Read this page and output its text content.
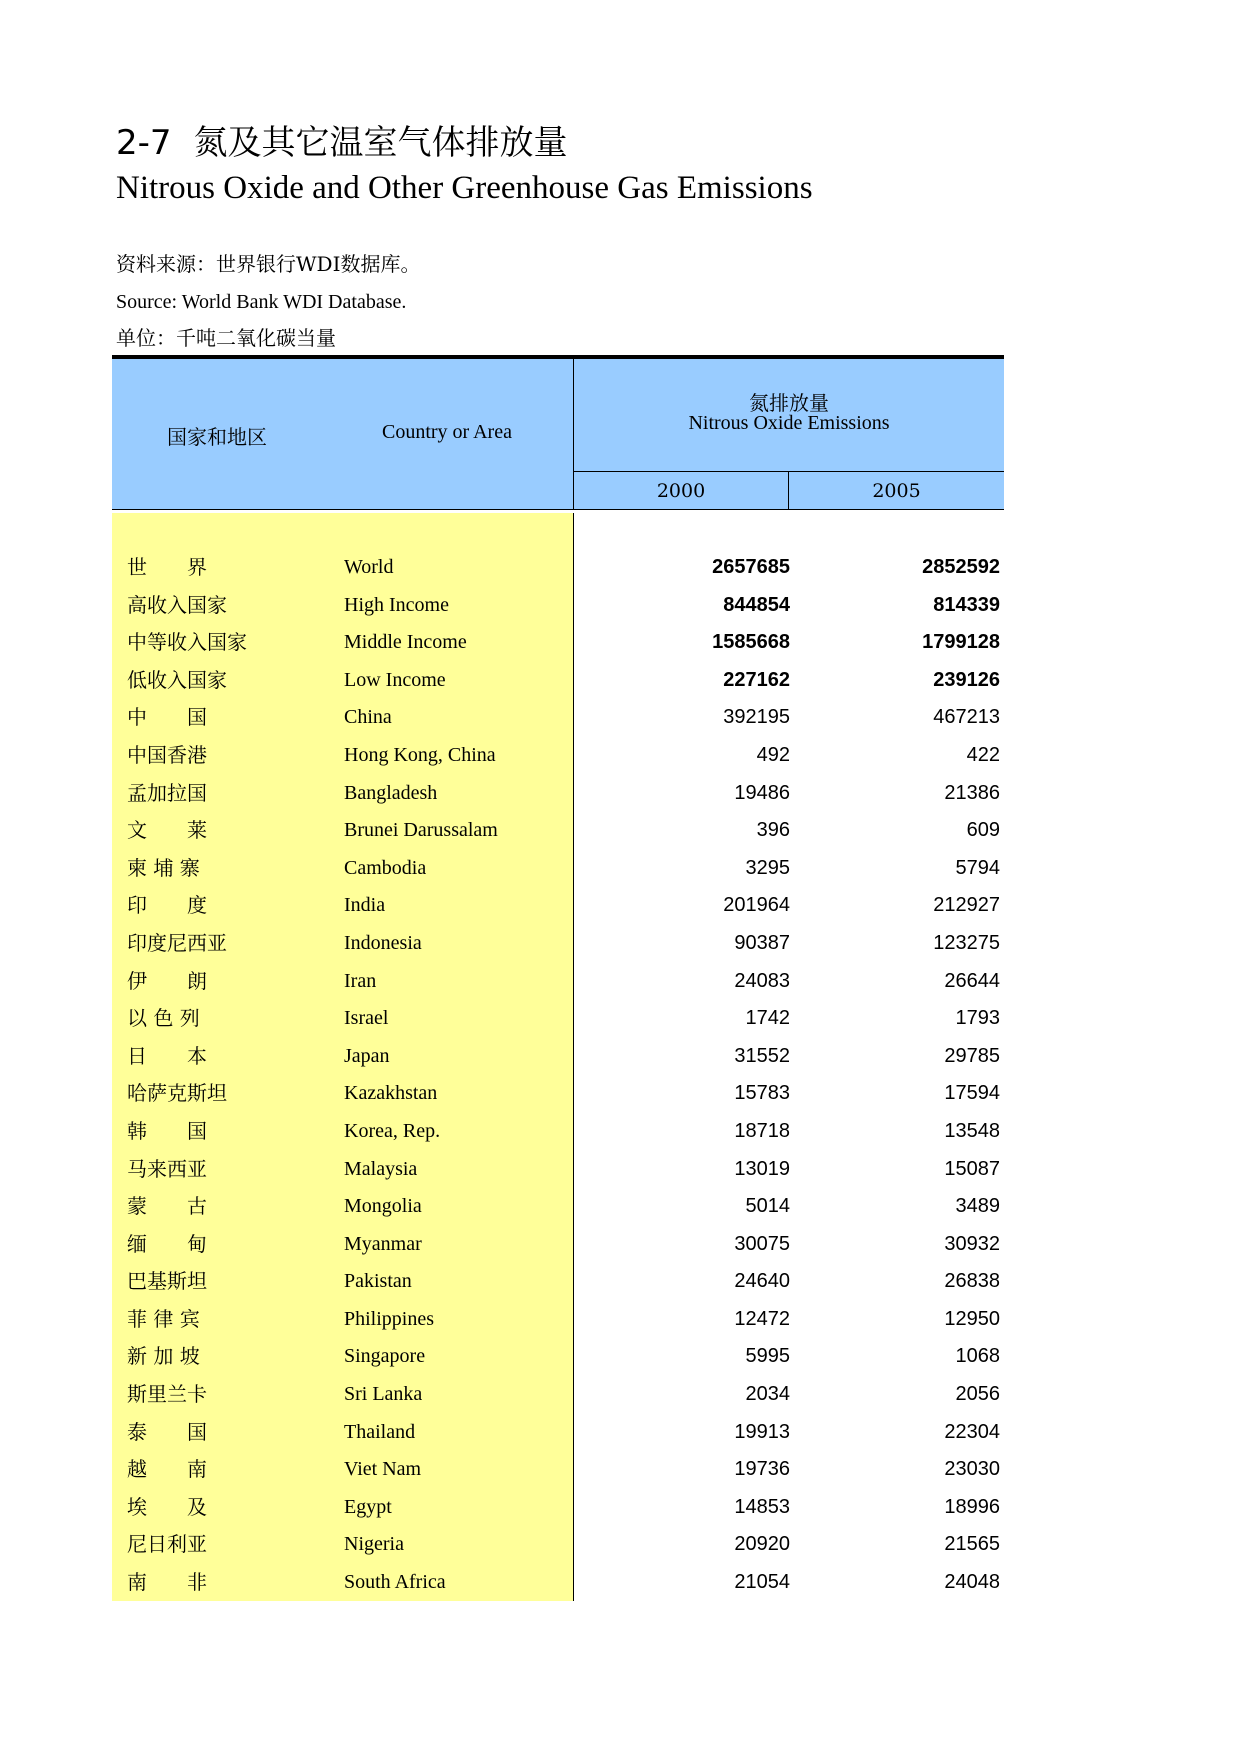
2-7 氮及其它温室气体排放量
Nitrous Oxide and Other Greenhouse Gas Emissions
资料来源：世界银行WDI数据库。
Source: World Bank WDI Database.
单位：千吨二氧化碳当量
国家和地区	Country or Area
氮排放量
Nitrous Oxide Emissions
2000	2005
世　　界	World	2657685	2852592
高收入国家	High Income	844854	814339
中等收入国家	Middle Income	1585668	1799128
低收入国家	Low Income	227162	239126
中　　国	China	392195	467213
中国香港	Hong Kong, China	492	422
孟加拉国	Bangladesh	19486	21386
文　　莱	Brunei Darussalam	396	609
柬 埔 寨	Cambodia	3295	5794
印　　度	India	201964	212927
印度尼西亚	Indonesia	90387	123275
伊　　朗	Iran	24083	26644
以 色 列	Israel	1742	1793
日　　本	Japan	31552	29785
哈萨克斯坦	Kazakhstan	15783	17594
韩　　国	Korea, Rep.	18718	13548
马来西亚	Malaysia	13019	15087
蒙　　古	Mongolia	5014	3489
缅　　甸	Myanmar	30075	30932
巴基斯坦	Pakistan	24640	26838
菲 律 宾	Philippines	12472	12950
新 加 坡	Singapore	5995	1068
斯里兰卡	Sri Lanka	2034	2056
泰　　国	Thailand	19913	22304
越　　南	Viet Nam	19736	23030
埃　　及	Egypt	14853	18996
尼日利亚	Nigeria	20920	21565
南　　非	South Africa	21054	24048
